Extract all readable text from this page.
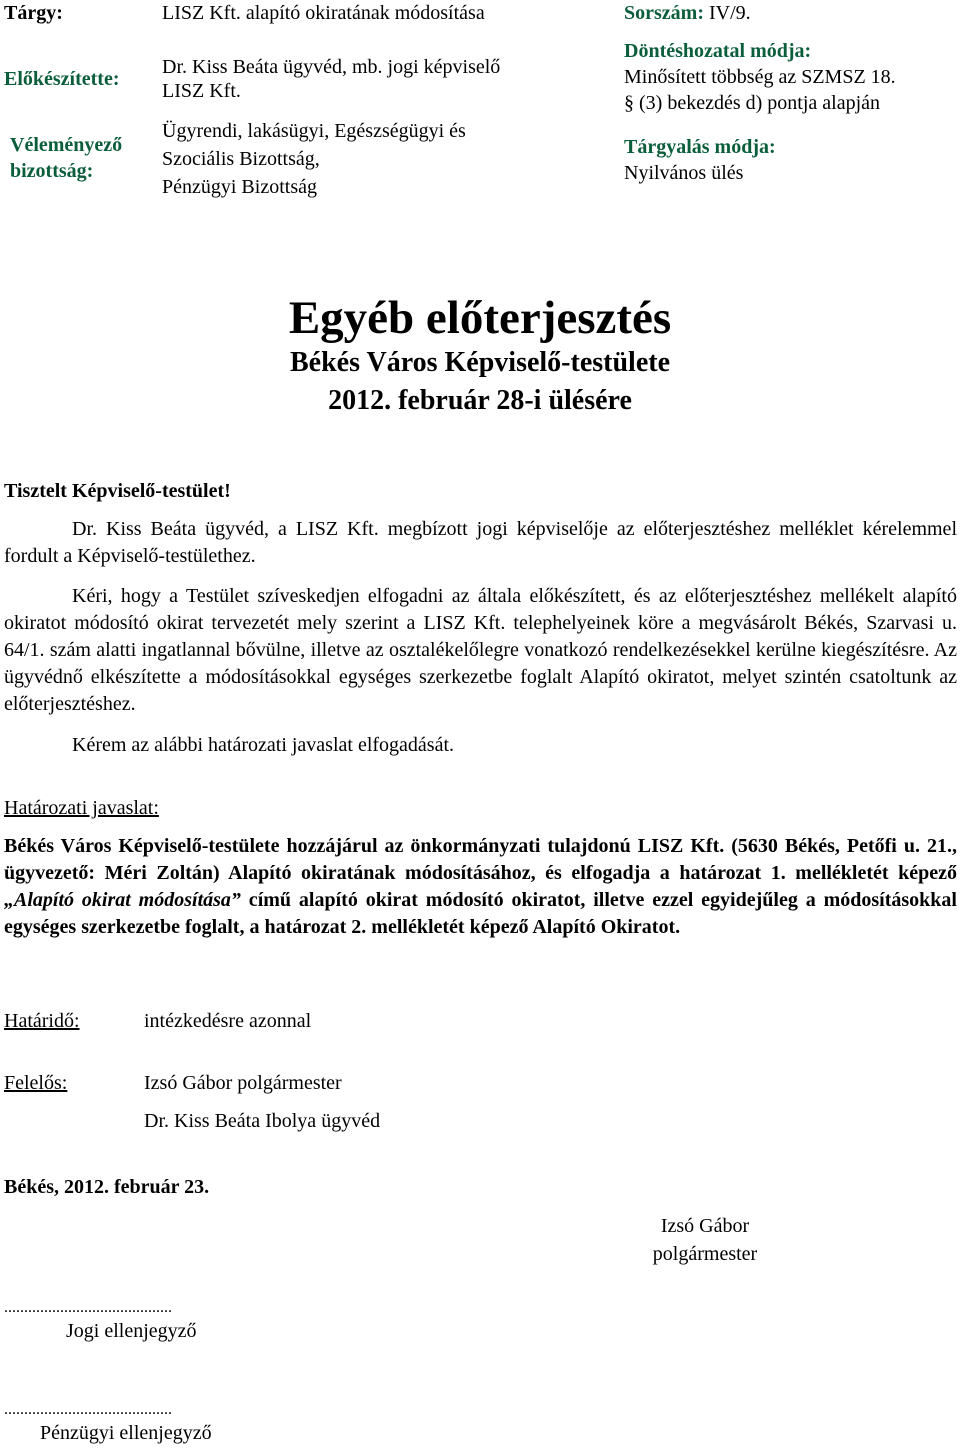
Tárgy:	LISZ Kft. alapító okiratának módosítása	Sorszám: IV/9.
Előkészítette:
Dr. Kiss Beáta ügyvéd, mb. jogi képviselő
LISZ Kft.
Döntéshozatal módja:
Minősített többség az SZMSZ 18.
§ (3) bekezdés d) pontja alapján
Véleményező
bizottság:
Ügyrendi, lakásügyi, Egészségügyi és
Szociális Bizottság,
Pénzügyi Bizottság
Tárgyalás módja:
Nyilvános ülés
Egyéb előterjesztés
Békés Város Képviselő-testülete
2012. február 28-i ülésére
Tisztelt Képviselő-testület!
Dr. Kiss Beáta ügyvéd, a LISZ Kft. megbízott jogi képviselője az előterjesztéshez melléklet kérelemmel fordult a Képviselő-testülethez.
Kéri, hogy a Testület szíveskedjen elfogadni az általa előkészített, és az előterjesztéshez mellékelt alapító okiratot módosító okirat tervezetét mely szerint a LISZ Kft. telephelyeinek köre a megvásárolt Békés, Szarvasi u. 64/1. szám alatti ingatlannal bővülne, illetve az osztalékelőlegre vonatkozó rendelkezésekkel kerülne kiegészítésre. Az ügyvédnő elkészítette a módosításokkal egységes szerkezetbe foglalt Alapító okiratot, melyet szintén csatoltunk az előterjesztéshez.
Kérem az alábbi határozati javaslat elfogadását.
Határozati javaslat:
Békés Város Képviselő-testülete hozzájárul az önkormányzati tulajdonú LISZ Kft. (5630 Békés, Petőfi u. 21., ügyvezető: Méri Zoltán) Alapító okiratának módosításához, és elfogadja a határozat 1. mellékletét képező „Alapító okirat módosítása” című alapító okirat módosító okiratot, illetve ezzel egyidejűleg a módosításokkal egységes szerkezetbe foglalt, a határozat 2. mellékletét képező Alapító Okiratot.
Határidő:	intézkedésre azonnal
Felelős:	Izsó Gábor polgármester
Dr. Kiss Beáta Ibolya ügyvéd
Békés, 2012. február 23.
Izsó Gábor
polgármester
..........................................
Jogi ellenjegyző
..........................................
Pénzügyi ellenjegyző
